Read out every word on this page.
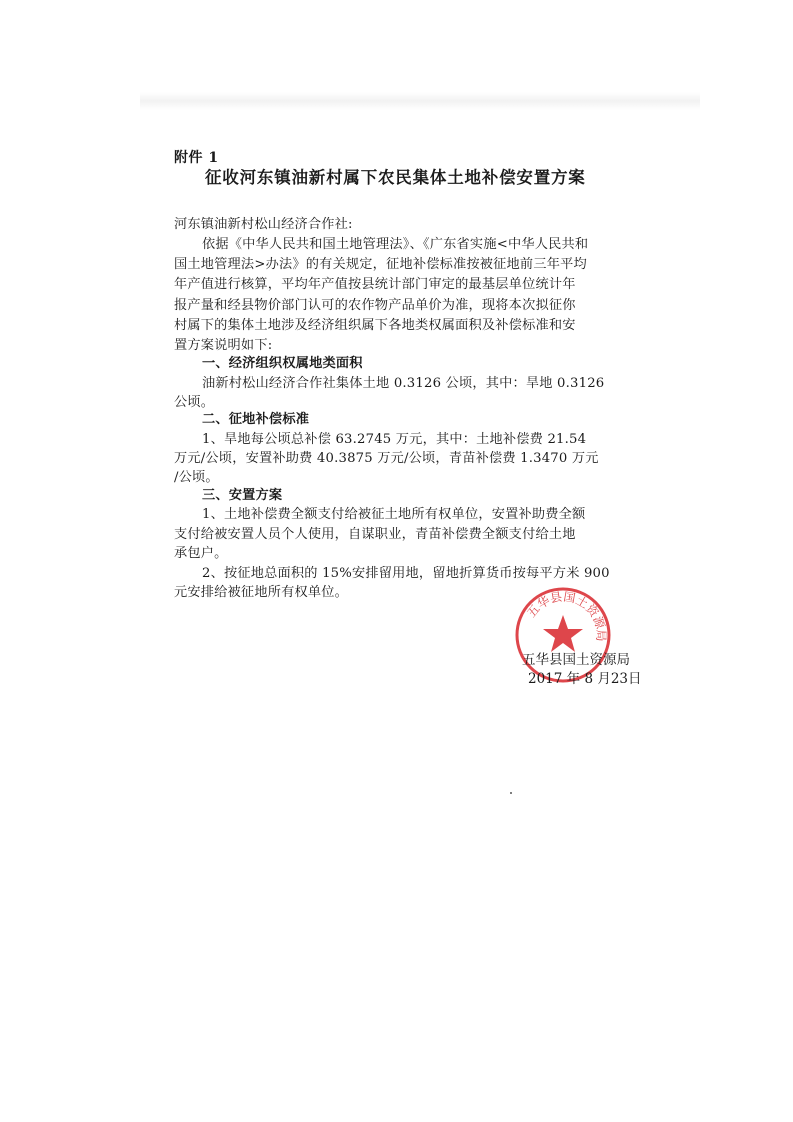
附件 1
征收河东镇油新村属下农民集体土地补偿安置方案
河东镇油新村松山经济合作社:
依据《中华人民共和国土地管理法》、《广东省实施<中华人民共和
国土地管理法>办法》的有关规定，征地补偿标准按被征地前三年平均
年产值进行核算，平均年产值按县统计部门审定的最基层单位统计年
报产量和经县物价部门认可的农作物产品单价为准，现将本次拟征你
村属下的集体土地涉及经济组织属下各地类权属面积及补偿标准和安
置方案说明如下:
一、经济组织权属地类面积
油新村松山经济合作社集体土地 0.3126 公顷，其中：旱地 0.3126
公顷。
二、征地补偿标准
1、旱地每公顷总补偿 63.2745 万元，其中：土地补偿费 21.54
万元/公顷，安置补助费 40.3875 万元/公顷，青苗补偿费 1.3470 万元
/公顷。
三、安置方案
1、土地补偿费全额支付给被征土地所有权单位，安置补助费全额
支付给被安置人员个人使用，自谋职业，青苗补偿费全额支付给土地
承包户。
2、按征地总面积的 15%安排留用地，留地折算货币按每平方米 900
元安排给被征地所有权单位。
五华县国土资源局
五华县国土资源局
2017 年 8 月23日
